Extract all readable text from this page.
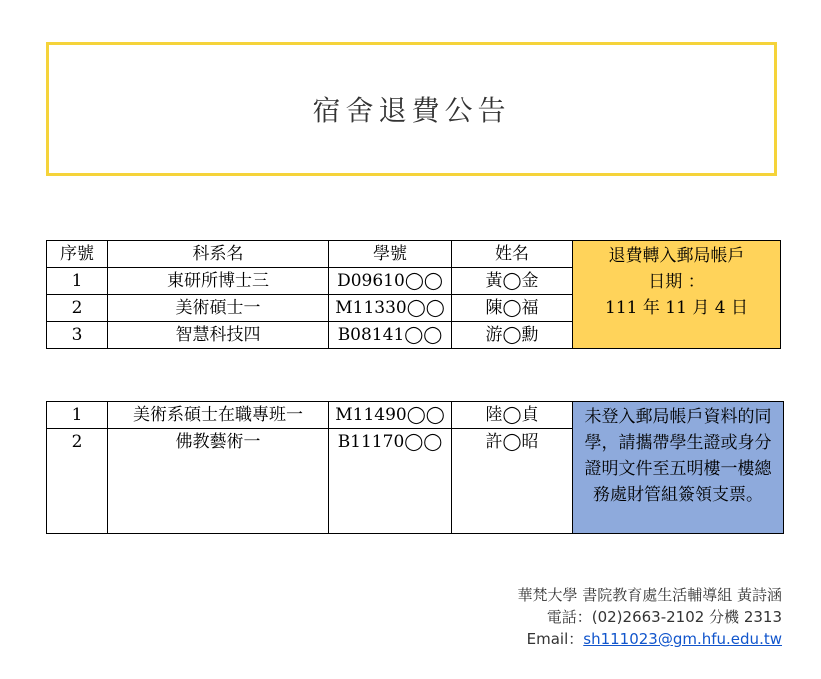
宿舍退費公告
序號	科系名	學號	姓名	退費轉入郵局帳戶
日期 ：
111 年 11 月 4 日

1	東研所博士三	D09610◯◯	黃◯金	
2	美術碩士一	M11330◯◯	陳◯福	
3	智慧科技四	B08141◯◯	游◯勳	
1	美術系碩士在職專班一	M11490◯◯	陸◯貞	未登入郵局帳戶資料的同學，請攜帶學生證或身分證明文件至五明樓一樓總務處財管組簽領支票。
2	佛教藝術一	B11170◯◯	許◯昭	
華梵大學 書院教育處生活輔導組 黃詩涵
電話：(02)2663-2102 分機 2313
Email：sh111023@gm.hfu.edu.tw
